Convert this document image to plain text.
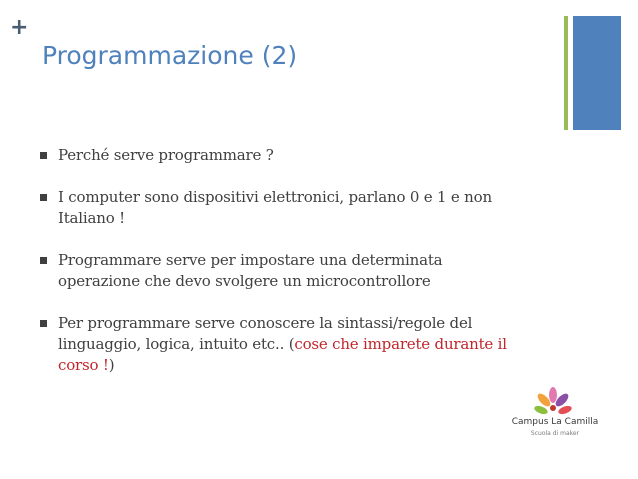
+
Programmazione (2)
Perché serve programmare ?
I computer sono dispositivi elettronici, parlano 0 e 1 e non
Italiano !
Programmare serve per impostare una determinata
operazione che devo svolgere un microcontrollore
Per programmare serve conoscere la sintassi/regole del
linguaggio, logica, intuito etc.. (cose che imparete durante il
corso !)
Campus La Camilla
Scuola di maker
